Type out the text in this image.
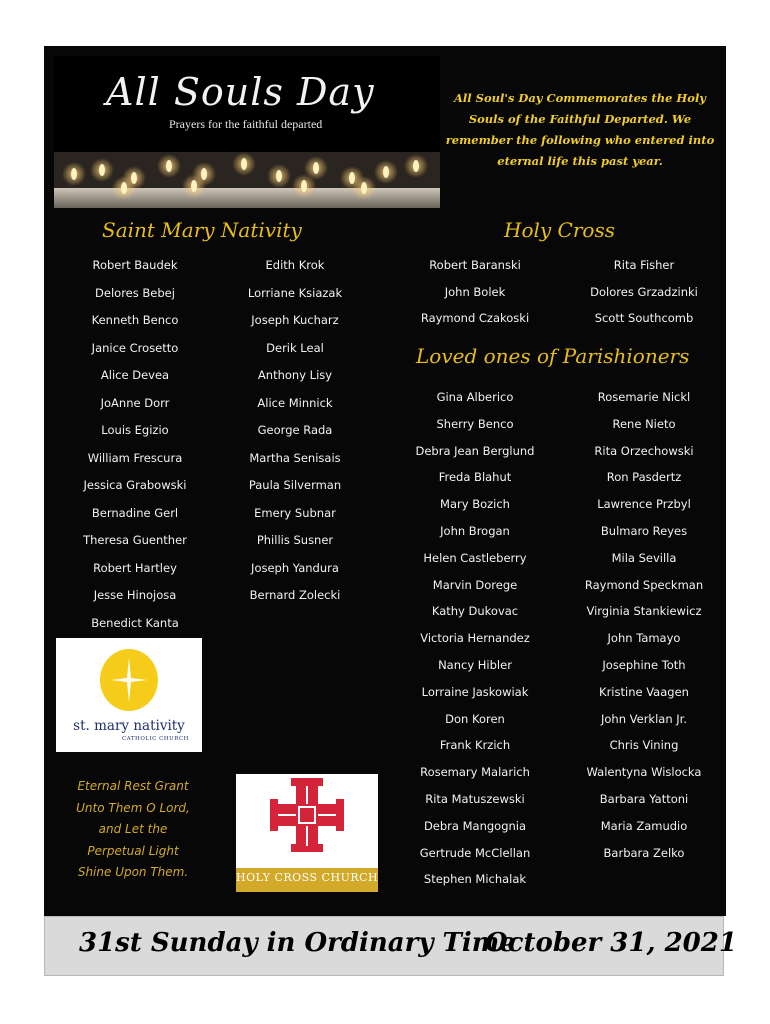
All Souls Day
Prayers for the faithful departed
All Soul's Day Commemorates the Holy Souls of the Faithful Departed. We remember the following who entered into eternal life this past year.
Saint Mary Nativity
Robert Baudek
Delores Bebej
Kenneth Benco
Janice Crosetto
Alice Devea
JoAnne Dorr
Louis Egizio
William Frescura
Jessica Grabowski
Bernadine Gerl
Theresa Guenther
Robert Hartley
Jesse Hinojosa
Benedict Kanta
Edith Krok
Lorriane Ksiazak
Joseph Kucharz
Derik Leal
Anthony Lisy
Alice Minnick
George Rada
Martha Senisais
Paula Silverman
Emery Subnar
Phillis Susner
Joseph Yandura
Bernard Zolecki
Holy Cross
Robert Baranski
John Bolek
Raymond Czakoski
Rita Fisher
Dolores Grzadzinki
Scott Southcomb
Loved ones of Parishioners
Gina Alberico
Sherry Benco
Debra Jean Berglund
Freda Blahut
Mary Bozich
John Brogan
Helen Castleberry
Marvin Dorege
Kathy Dukovac
Victoria Hernandez
Nancy Hibler
Lorraine Jaskowiak
Don Koren
Frank Krzich
Rosemary Malarich
Rita Matuszewski
Debra Mangognia
Gertrude McClellan
Stephen Michalak
Rosemarie Nickl
Rene Nieto
Rita Orzechowski
Ron Pasdertz
Lawrence Przbyl
Bulmaro Reyes
Mila Sevilla
Raymond Speckman
Virginia Stankiewicz
John Tamayo
Josephine Toth
Kristine Vaagen
John Verklan Jr.
Chris Vining
Walentyna Wislocka
Barbara Yattoni
Maria Zamudio
Barbara Zelko
st. mary nativity
CATHOLIC CHURCH
Eternal Rest Grant
Unto Them O Lord,
and Let the
Perpetual Light
Shine Upon Them.	HOLY CROSS CHURCH
31st Sunday in Ordinary Time
October 31, 2021
